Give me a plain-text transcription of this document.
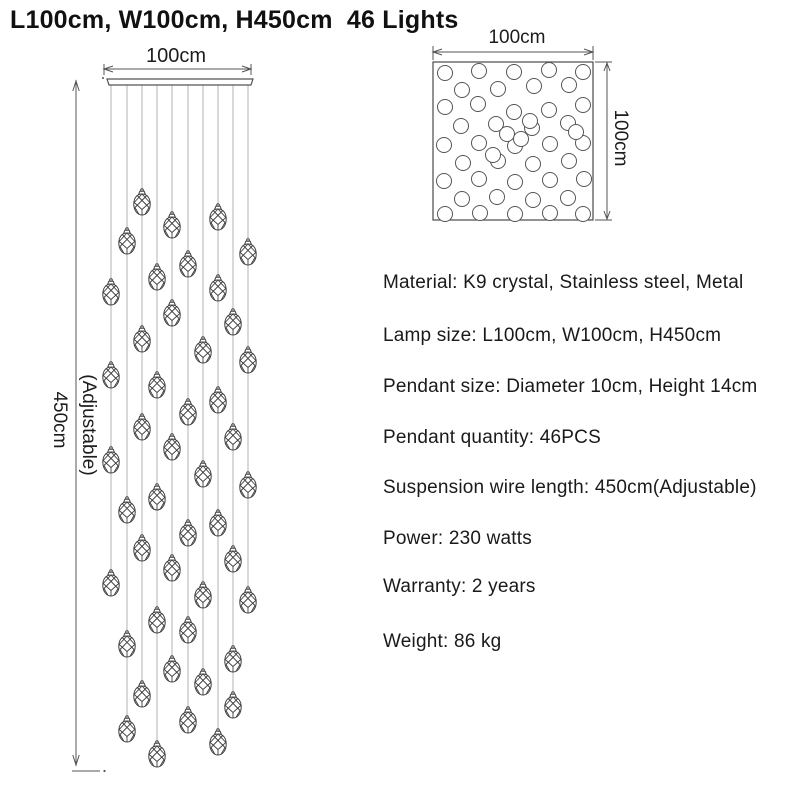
L100cm, W100cm, H450cm  46 Lights
100cm
450cm (Adjustable)
100cm
100cm
Material: K9 crystal, Stainless steel, Metal
Lamp size: L100cm, W100cm, H450cm
Pendant size: Diameter 10cm, Height 14cm
Pendant quantity: 46PCS
Suspension wire length: 450cm(Adjustable)
Power: 230 watts
Warranty: 2 years
Weight: 86 kg
